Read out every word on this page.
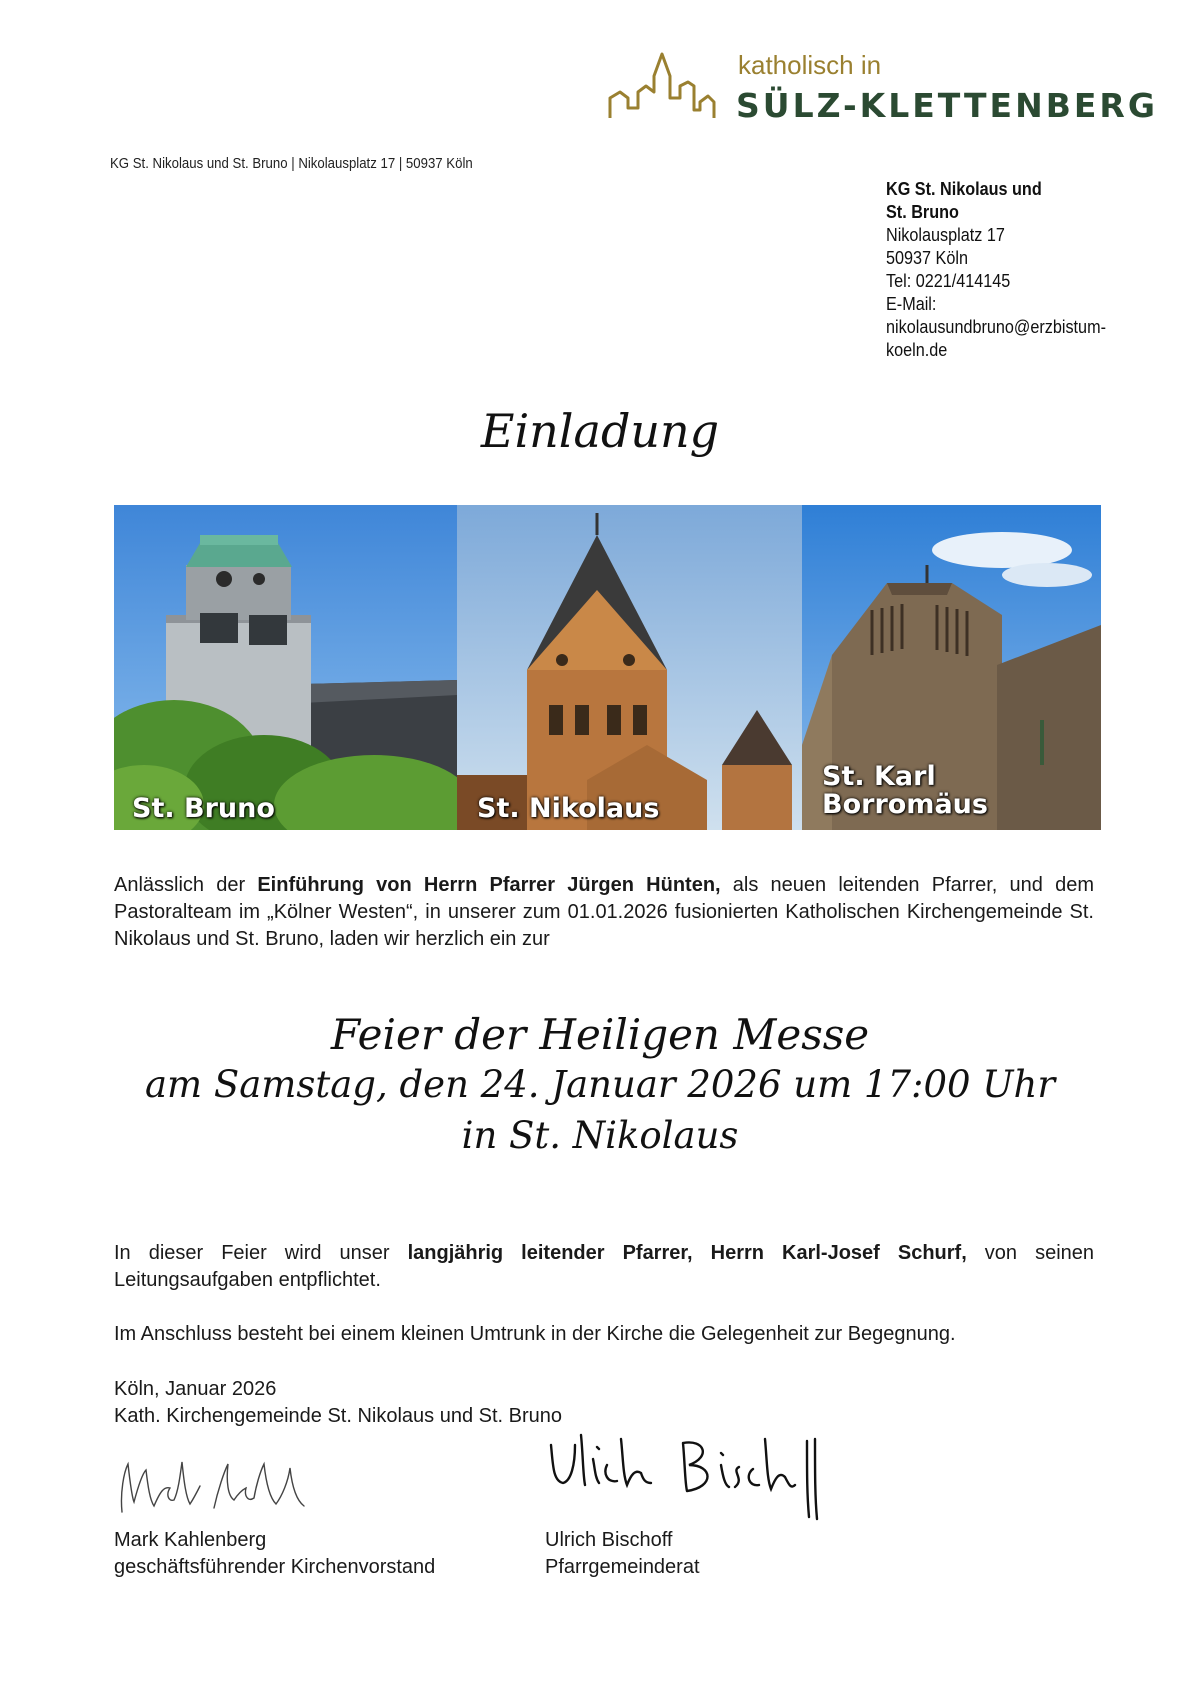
katholisch in
SÜLZ-KLETTENBERG
KG St. Nikolaus und St. Bruno | Nikolausplatz 17 | 50937 Köln
KG St. Nikolaus und
St. Bruno
Nikolausplatz 17
50937 Köln
Tel: 0221/414145
E-Mail:
nikolausundbruno@erzbistum-
koeln.de
Einladung
St. Bruno	St. Nikolaus
St. Karl
Borromäus
Anlässlich der Einführung von Herrn Pfarrer Jürgen Hünten, als neuen leitenden Pfarrer, und dem Pastoralteam im „Kölner Westen“, in unserer zum 01.01.2026 fusionierten Katholischen Kirchengemeinde St. Nikolaus und St. Bruno, laden wir herzlich ein zur
Feier der Heiligen Messe
am Samstag, den 24. Januar 2026 um 17:00 Uhr
in St. Nikolaus
In dieser Feier wird unser langjährig leitender Pfarrer, Herrn Karl-Josef Schurf, von seinen Leitungsaufgaben entpflichtet.
Im Anschluss besteht bei einem kleinen Umtrunk in der Kirche die Gelegenheit zur Begegnung.
Köln, Januar 2026
Kath. Kirchengemeinde St. Nikolaus und St. Bruno
Mark Kahlenberg
geschäftsführender Kirchenvorstand
Ulrich Bischoff
Pfarrgemeinderat
